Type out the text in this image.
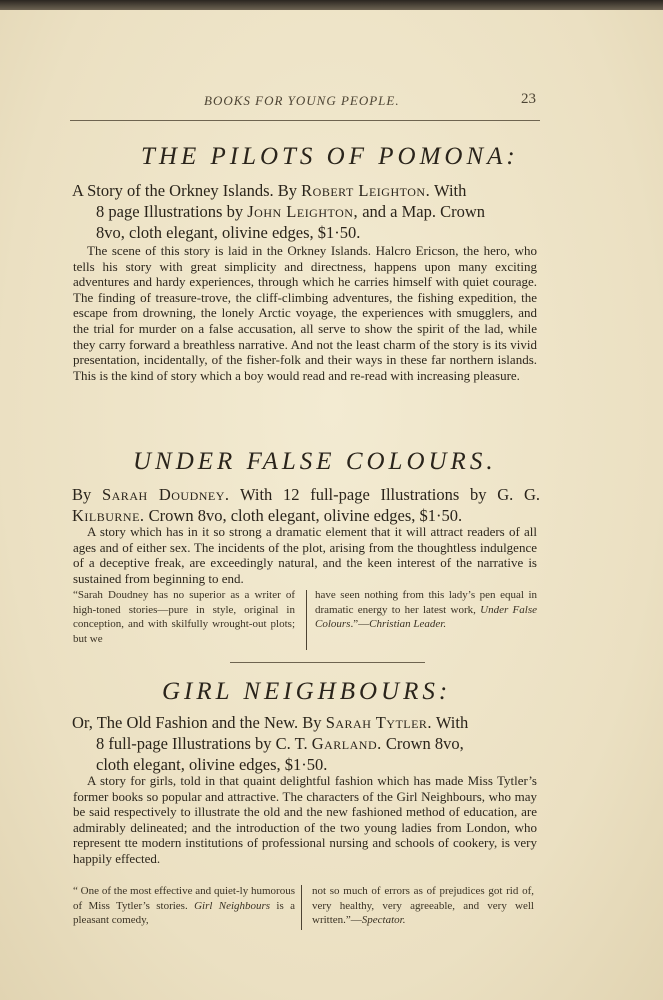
BOOKS FOR YOUNG PEOPLE.	23
THE PILOTS OF POMONA:
A Story of the Orkney Islands. By Robert Leighton. With
8 page Illustrations by John Leighton, and a Map. Crown
8vo, cloth elegant, olivine edges, $1·50.

The scene of this story is laid in the Orkney Islands. Halcro Ericson, the hero, who tells his story with great simplicity and directness, happens upon many exciting adventures and hardy experiences, through which he carries himself with quiet courage. The finding of treasure-trove, the cliff-climbing adventures, the fishing expedition, the escape from drowning, the lonely Arctic voyage, the experiences with smugglers, and the trial for murder on a false accusation, all serve to show the spirit of the lad, while they carry forward a breathless narrative. And not the least charm of the story is its vivid presentation, incidentally, of the fisher-folk and their ways in these far northern islands. This is the kind of story which a boy would read and re-read with increasing pleasure.

UNDER FALSE COLOURS.
By Sarah Doudney. With 12 full-page Illustrations by G. G. Kilburne. Crown 8vo, cloth elegant, olivine edges, $1·50.

A story which has in it so strong a dramatic element that it will attract readers of all ages and of either sex. The incidents of the plot, arising from the thoughtless indulgence of a deceptive freak, are exceedingly natural, and the keen interest of the narrative is sustained from beginning to end.

“Sarah Doudney has no superior as a writer of high-toned stories—pure in style, original in conception, and with skilfully wrought-out plots; but we

have seen nothing from this lady’s pen equal in dramatic energy to her latest work, Under False Colours.”—Christian Leader.

GIRL NEIGHBOURS:
Or, The Old Fashion and the New. By Sarah Tytler. With
8 full-page Illustrations by C. T. Garland. Crown 8vo,
cloth elegant, olivine edges, $1·50.

A story for girls, told in that quaint delightful fashion which has made Miss Tytler’s former books so popular and attractive. The characters of the Girl Neighbours, who may be said respectively to illustrate the old and the new fashioned method of education, are admirably delineated; and the introduction of the two young ladies from London, who represent tte modern institutions of professional nursing and schools of cookery, is very happily effected.

“ One of the most effective and quiet-ly humorous of Miss Tytler’s stories. Girl Neighbours is a pleasant comedy,

not so much of errors as of prejudices got rid of, very healthy, very agreeable, and very well written.”—Spectator.
